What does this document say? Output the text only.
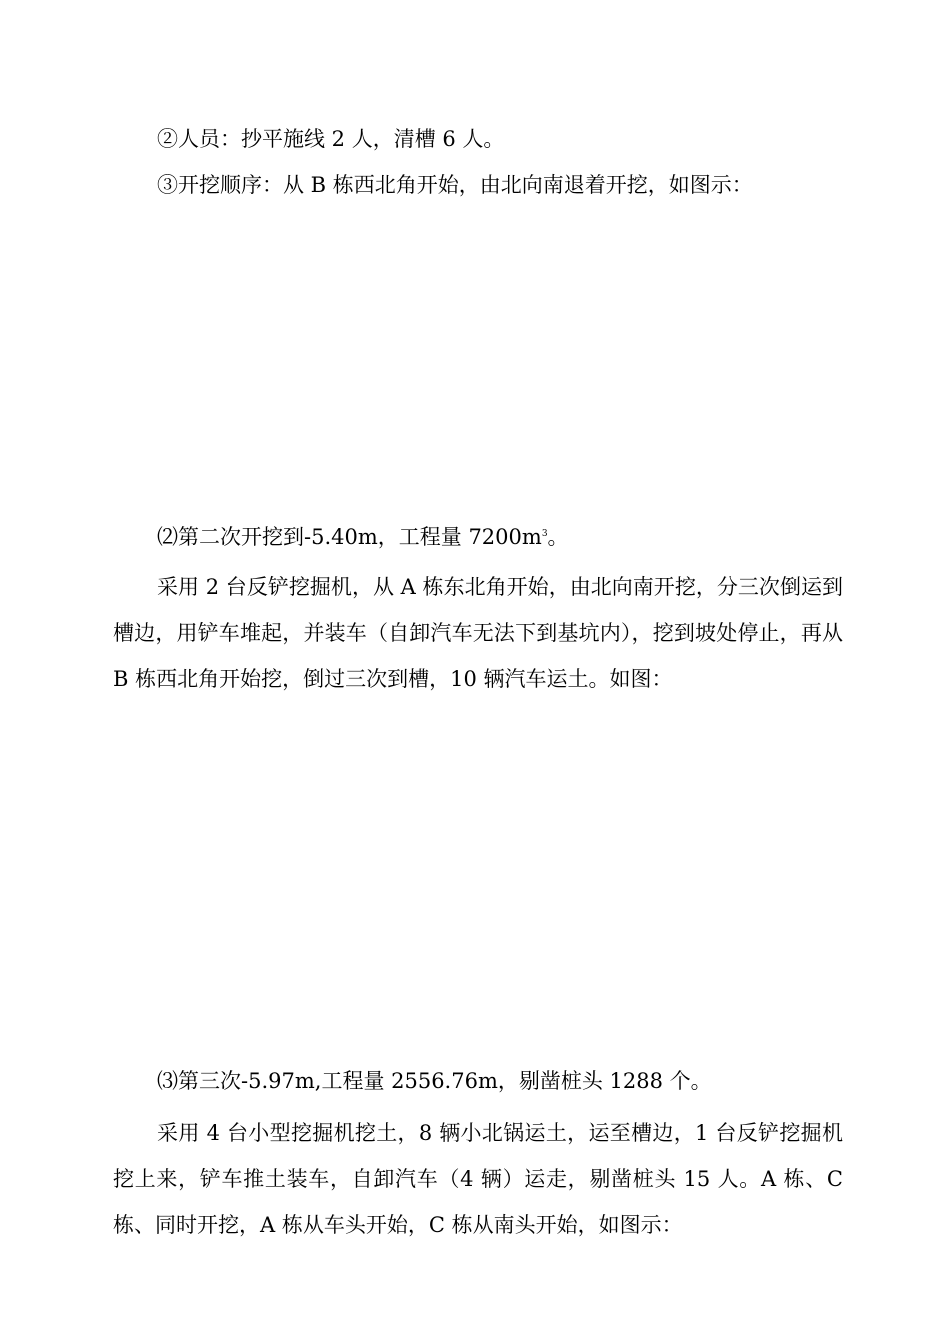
②人员：抄平施线 2 人，清槽 6 人。

③开挖顺序：从 B 栋西北角开始，由北向南退着开挖，如图示：

⑵第二次开挖到-5.40m，工程量 $7200m^3$。

采用 2 台反铲挖掘机，从 A 栋东北角开始，由北向南开挖，分三次倒运到槽边，用铲车堆起，并装车（自卸汽车无法下到基坑内），挖到坡处停止，再从 B 栋西北角开始挖，倒过三次到槽，10 辆汽车运土。如图：

⑶第三次-5.97m,工程量 2556.76m，剔凿桩头 1288 个。

采用 4 台小型挖掘机挖土，8 辆小北锅运土，运至槽边，1 台反铲挖掘机挖上来，铲车推土装车，自卸汽车（4 辆）运走，剔凿桩头 15 人。A 栋、C 栋、同时开挖，A 栋从车头开始，C 栋从南头开始，如图示：
